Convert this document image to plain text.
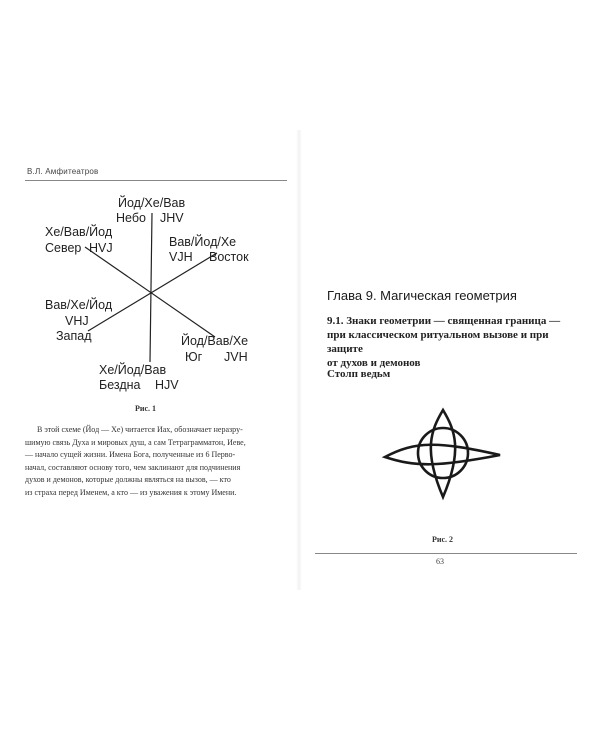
В.Л. Амфитеатров
Йод/Хе/Вав
Небо JHV
Хе/Вав/Йод
Север HVJ	Вав/Йод/Хе
VJH Восток
Вав/Хе/Йод
VHJ
Запад	Йод/Вав/Хе
Юг JVH
Хе/Йод/Вав
Бездна HJV
Рис. 1

В этой схеме (Йод — Хе) читается Иах, обозначает неразру-
шимую связь Духа и мировых душ, а сам Тетраграмматон, Иеве,
— начало сущей жизни. Имена Бога, полученные из 6 Перво-
начал, составляют основу того, чем заклинают для подчинения
духов и демонов, которые должны являться на вызов, — кто
из страха перед Именем, а кто — из уважения к этому Имени.

Глава 9. Магическая геометрия
9.1. Знаки геометрии — священная граница —
при классическом ритуальном вызове и при защите
от духов и демонов
Столп ведьм
Рис. 2
63
